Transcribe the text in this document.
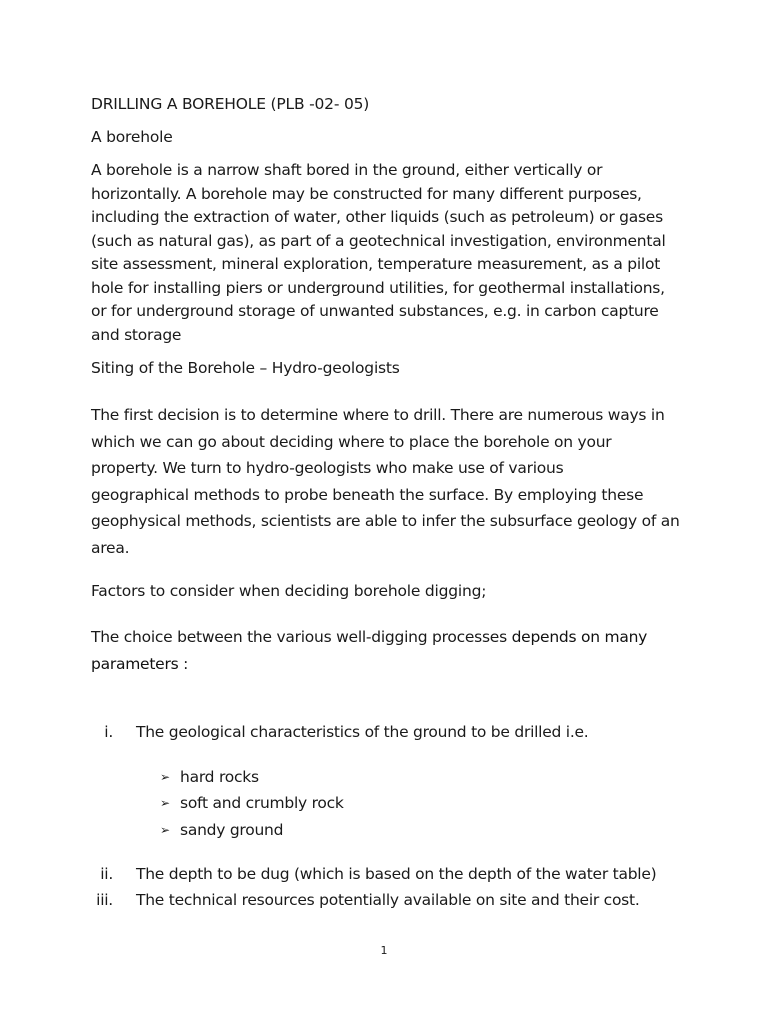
DRILLING A BOREHOLE (PLB -02- 05)
A borehole
A borehole is a narrow shaft bored in the ground, either vertically or
horizontally. A borehole may be constructed for many different purposes,
including the extraction of water, other liquids (such as petroleum) or gases
(such as natural gas), as part of a geotechnical investigation, environmental
site assessment, mineral exploration, temperature measurement, as a pilot
hole for installing piers or underground utilities, for geothermal installations,
or for underground storage of unwanted substances, e.g. in carbon capture
and storage
Siting of the Borehole – Hydro-geologists
The first decision is to determine where to drill. There are numerous ways in
which we can go about deciding where to place the borehole on your
property. We turn to hydro-geologists who make use of various
geographical methods to probe beneath the surface. By employing these
geophysical methods, scientists are able to infer the subsurface geology of an
area.
Factors to consider when deciding borehole digging;
The choice between the various well-digging processes depends on many
parameters :
i. The geological characteristics of the ground to be drilled i.e.
➢ hard rocks
➢ soft and crumbly rock
➢ sandy ground
ii. The depth to be dug (which is based on the depth of the water table)
iii. The technical resources potentially available on site and their cost.
1
